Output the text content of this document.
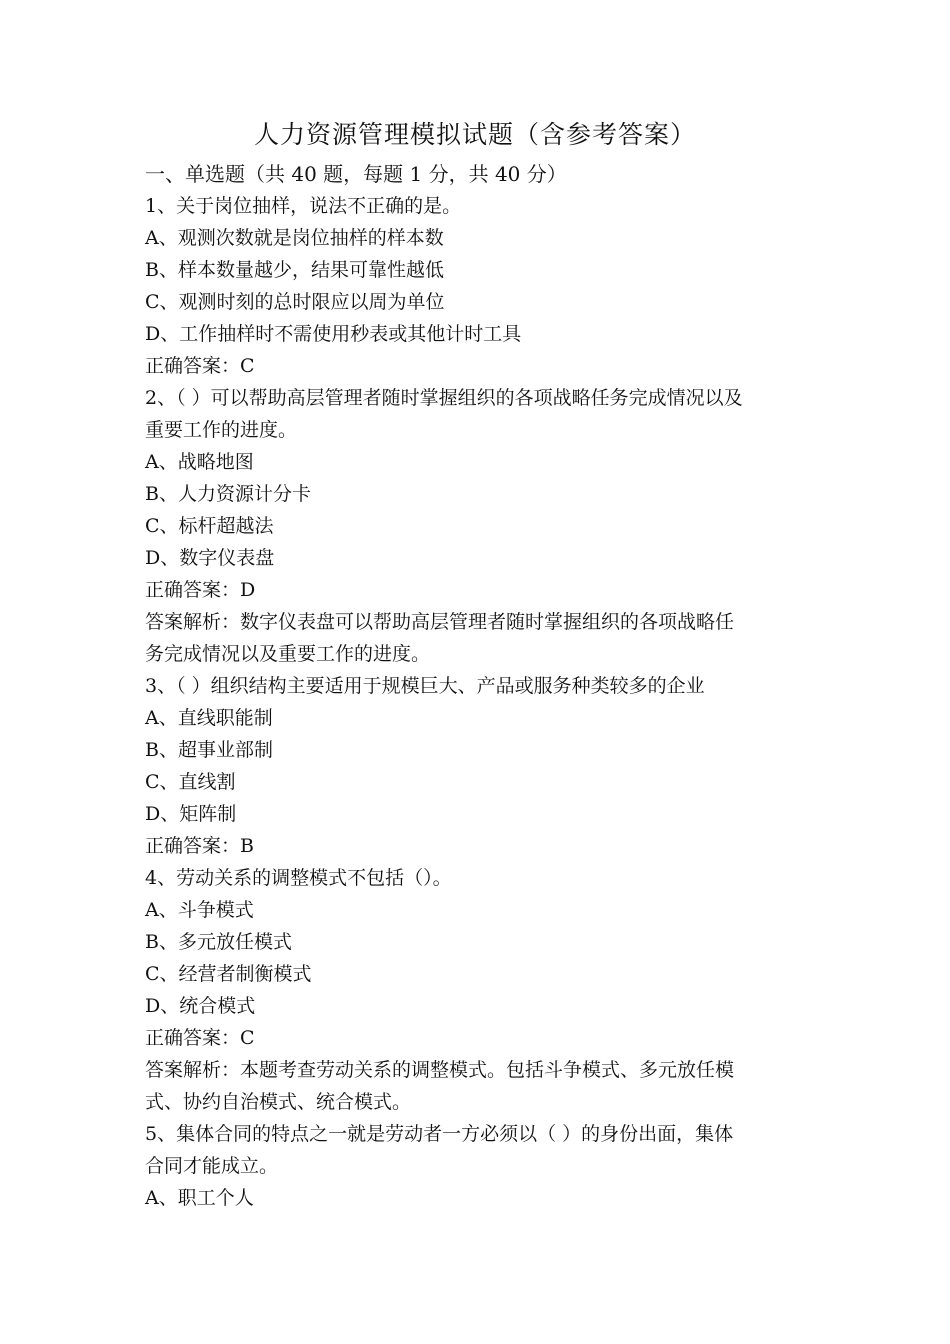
人力资源管理模拟试题（含参考答案）
一、单选题（共 40 题，每题 1 分，共 40 分）
1、关于岗位抽样，说法不正确的是。
A、观测次数就是岗位抽样的样本数
B、样本数量越少，结果可靠性越低
C、观测时刻的总时限应以周为单位
D、工作抽样时不需使用秒表或其他计时工具
正确答案：C
2、（ ）可以帮助高层管理者随时掌握组织的各项战略任务完成情况以及
重要工作的进度。
A、战略地图
B、人力资源计分卡
C、标杆超越法
D、数字仪表盘
正确答案：D
答案解析：数字仪表盘可以帮助高层管理者随时掌握组织的各项战略任
务完成情况以及重要工作的进度。
3、（ ）组织结构主要适用于规模巨大、产品或服务种类较多的企业
A、直线职能制
B、超事业部制
C、直线割
D、矩阵制
正确答案：B
4、劳动关系的调整模式不包括（）。
A、斗争模式
B、多元放任模式
C、经营者制衡模式
D、统合模式
正确答案：C
答案解析：本题考查劳动关系的调整模式。包括斗争模式、多元放任模
式、协约自治模式、统合模式。
5、集体合同的特点之一就是劳动者一方必须以（ ）的身份出面，集体
合同才能成立。
A、职工个人
